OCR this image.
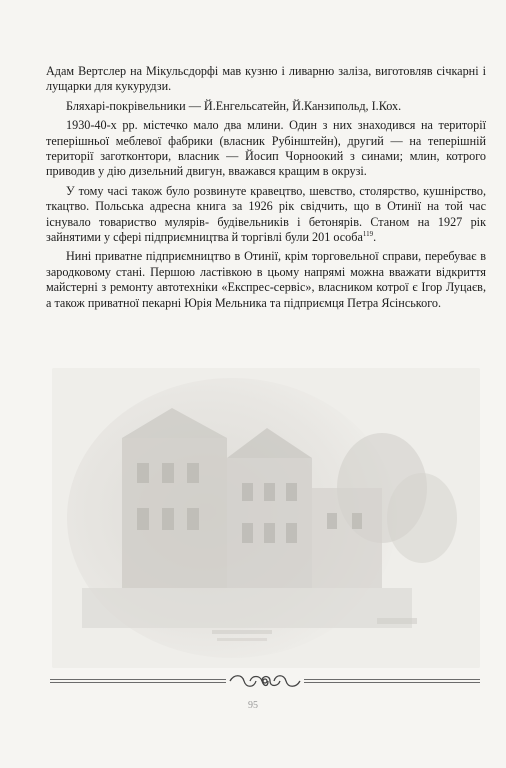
Адам Вертслер на Мікульсдорфі мав кузню і ливарню заліза, виготовляв січкарні і лущарки для кукурудзи.

Бляхарі-покрівельники — Й.Енгельсатейн, Й.Канзипольд, І.Кох.

1930-40-х рр. містечко мало два млини. Один з них знаходився на території теперішньої меблевої фабрики (власник Рубінштейн), другий — на теперішній території заготконтори, власник — Йосип Чорноокий з синами; млин, котрого приводив у дію дизельний двигун, вважався кращим в окрузі.

У тому часі також було розвинуте кравецтво, шевство, столярство, кушнірство, ткацтво. Польська адресна книга за 1926 рік свідчить, що в Отинії на той час існувало товариство мулярів- будівельників і бетонярів. Станом на 1927 рік зайнятими у сфері підприємництва й торгівлі були 201 особа$^{119}$.

Нині приватне підприємництво в Отинії, крім торговельної справи, перебуває в зародковому стані. Першою ластівкою в цьому напрямі можна вважати відкриття майстерні з ремонту автотехніки «Експрес-сервіс», власником котрої є Ігор Луцаєв, а також приватної пекарні Юрія Мельника та підприємця Петра Ясінського.

95
